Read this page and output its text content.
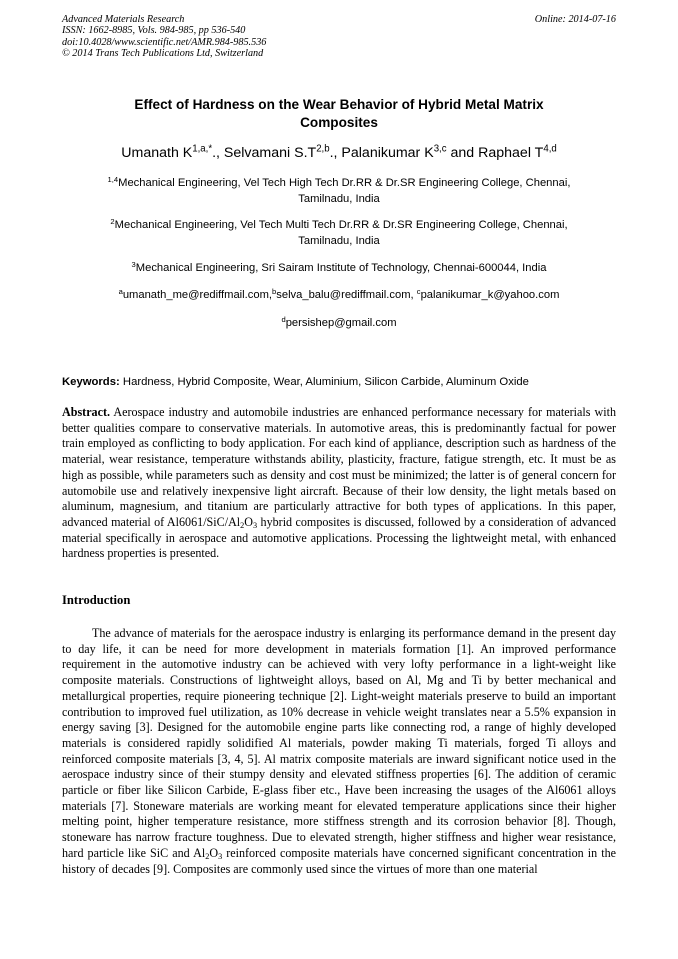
Advanced Materials Research
ISSN: 1662-8985, Vols. 984-985, pp 536-540
doi:10.4028/www.scientific.net/AMR.984-985.536
© 2014 Trans Tech Publications Ltd, Switzerland
Online: 2014-07-16
Effect of Hardness on the Wear Behavior of Hybrid Metal Matrix
Composites
Umanath $K^{1,a,*}$., Selvamani $S.T^{2,b}$., Palanikumar K$^{3,c}$ and Raphael T$^{4,d}$
$^{1,4}$Mechanical Engineering, Vel Tech High Tech Dr.RR & Dr.SR Engineering College, Chennai,
Tamilnadu, India
$^2$Mechanical Engineering, Vel Tech Multi Tech Dr.RR & Dr.SR Engineering College, Chennai,
Tamilnadu, India
$^3$Mechanical Engineering, Sri Sairam Institute of Technology, Chennai-600044, India
$^a$umanath_me@rediffmail.com,$^b$selva_balu@rediffmail.com, $^c$palanikumar_k@yahoo.com
$^d$persishep@gmail.com
Keywords: Hardness, Hybrid Composite, Wear, Aluminium, Silicon Carbide, Aluminum Oxide
Abstract. Aerospace industry and automobile industries are enhanced performance necessary for materials with better qualities compare to conservative materials. In automotive areas, this is predominantly factual for power train employed as conflicting to body application. For each kind of appliance, description such as hardness of the material, wear resistance, temperature withstands ability, plasticity, fracture, fatigue strength, etc. It must be as high as possible, while parameters such as density and cost must be minimized; the latter is of general concern for automobile use and relatively inexpensive light aircraft. Because of their low density, the light metals based on aluminum, magnesium, and titanium are particularly attractive for both types of applications. In this paper, advanced material of $Al6061/SiC/Al_2O_3$ hybrid composites is discussed, followed by a consideration of advanced material specifically in aerospace and automotive applications. Processing the lightweight metal, with enhanced hardness properties is presented.
Introduction
The advance of materials for the aerospace industry is enlarging its performance demand in the present day to day life, it can be need for more development in materials formation [1]. An improved performance requirement in the automotive industry can be achieved with very lofty performance in a light-weight like composite materials. Constructions of lightweight alloys, based on Al, Mg and Ti by better mechanical and metallurgical properties, require pioneering technique [2]. Light-weight materials preserve to build an important contribution to improved fuel utilization, as 10% decrease in vehicle weight translates near a 5.5% expansion in energy saving [3]. Designed for the automobile engine parts like connecting rod, a range of highly developed materials is considered rapidly solidified Al materials, powder making Ti materials, forged Ti alloys and reinforced composite materials [3, 4, 5]. Al matrix composite materials are inward significant notice used in the aerospace industry since of their stumpy density and elevated stiffness properties [6]. The addition of ceramic particle or fiber like Silicon Carbide, E-glass fiber etc., Have been increasing the usages of the Al6061 alloys materials [7]. Stoneware materials are working meant for elevated temperature applications since their higher melting point, higher temperature resistance, more stiffness strength and its corrosion behavior [8]. Though, stoneware has narrow fracture toughness. Due to elevated strength, higher stiffness and higher wear resistance, hard particle like SiC and $Al_2O_3$ reinforced composite materials have concerned significant concentration in the history of decades [9]. Composites are commonly used since the virtues of more than one material
